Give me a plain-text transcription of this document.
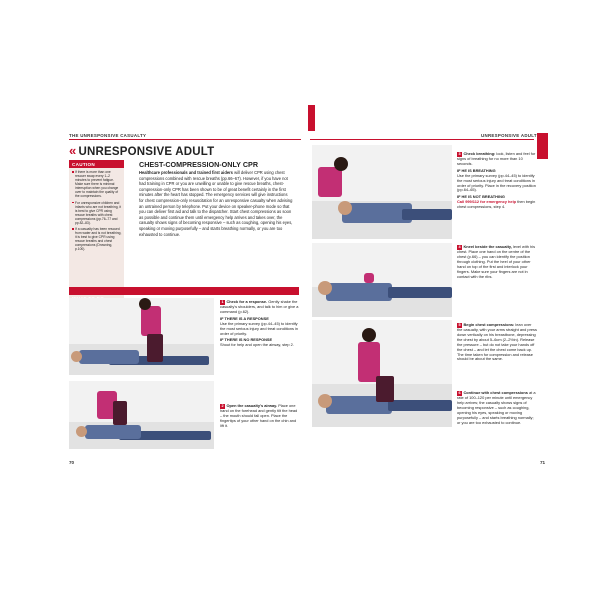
THE UNRESPONSIVE CASUALTY
« UNRESPONSIVE ADULT
CAUTION
If there is more than one rescuer swap every 1–2 minutes to prevent fatigue. Make sure there is minimal interruption when you change over to maintain the quality of the compressions.
For unresponsive children and infants who are not breathing, it is best to give CPR using rescue breaths with chest compressions (pp.76–77 and pp.82–83).
If a casualty has been rescued from water and is not breathing, it is best to give CPR using rescue breaths and chest compressions (Drowning, p.100).
CHEST-COMPRESSION-ONLY CPR
Healthcare professionals and trained first aiders will deliver CPR using chest compressions combined with rescue breaths (pp.66–67). However, if you have not had training in CPR or you are unwilling or unable to give rescue breaths, chest-compression-only CPR has been shown to be of great benefit certainly in the first minutes after the heart has stopped. The emergency services will give instructions for chest compression-only resuscitation for an unresponsive casualty when advising an untrained person by telephone. Put your device on speaker-phone mode so that you can deliver first aid and talk to the dispatcher. Start chest compressions as soon as possible and continue them until emergency help arrives and takes over, the casualty shows signs of becoming responsive – such as coughing, opening his eyes, speaking or moving purposefully – and starts breathing normally, or you are too exhausted to continue.

1 Check for a response. Gently shake the casualty’s shoulders, and talk to him or give a command (p.62).

IF THERE IS A RESPONSE

Use the primary survey (pp.44–45) to identify the most serious injury and treat conditions in order of priority.

IF THERE IS NO RESPONSE

Shout for help and open the airway, step 2.

2 Open the casualty’s airway. Place one hand on the forehead and gently tilt the head – the mouth should fall open. Place the fingertips of your other hand on the chin and lift it.

70
UNRESPONSIVE ADULT

3 Check breathing: look, listen and feel for signs of breathing for no more than 10 seconds.

IF HE IS BREATHING

Use the primary survey (pp.44–45) to identify the most serious injury and treat conditions in order of priority. Place in the recovery position (pp.64–65).

IF HE IS NOT BREATHING

Call 999/112 for emergency help then begin chest compressions, step 4.

4 Kneel beside the casualty, level with his chest. Place one hand on the centre of the chest (p.66) – you can identify the position through clothing. Put the heel of your other hand on top of the first and interlock your fingers. Make sure your fingers are not in contact with the ribs.

5 Begin chest compressions: lean over the casualty, with your arms straight and press down vertically on his breastbone, depressing the chest by about 5–6cm (2–2½in). Release the pressure – but do not take your hands off the chest – and let the chest come back up. The time taken for compression and release should be about the same.

6 Continue with chest compressions at a rate of 100–120 per minute until emergency help arrives; the casualty shows signs of becoming responsive – such as coughing, opening his eyes, speaking or moving purposefully – and starts breathing normally; or you are too exhausted to continue.

71
